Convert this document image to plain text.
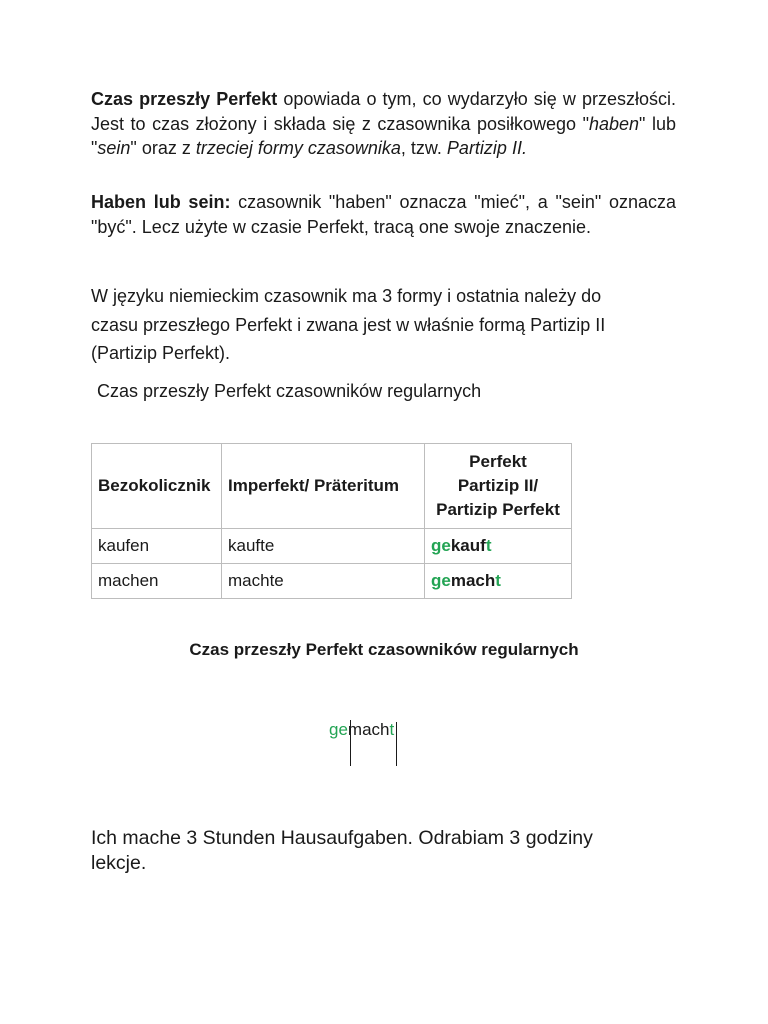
Czas przeszły Perfekt opowiada o tym, co wydarzyło się w przeszłości. Jest to czas złożony i składa się z czasownika posiłkowego "haben" lub "sein" oraz z trzeciej formy czasownika, tzw. Partizip II.
Haben lub sein: czasownik "haben" oznacza "mieć", a "sein" oznacza "być". Lecz użyte w czasie Perfekt, tracą one swoje znaczenie.
W języku niemieckim czasownik ma 3 formy i ostatnia należy do
czasu przeszłego Perfekt i zwana jest w właśnie formą Partizip II
(Partizip Perfekt).
Czas przeszły Perfekt czasowników regularnych
Bezokolicznik	Imperfekt/ Präteritum	Perfekt
Partizip II/
Partizip Perfekt

kaufen	kaufte	gekauft
machen	machte	gemacht
Czas przeszły Perfekt czasowników regularnych
gemacht
Ich mache 3 Stunden Hausaufgaben. Odrabiam 3 godziny lekcje.
